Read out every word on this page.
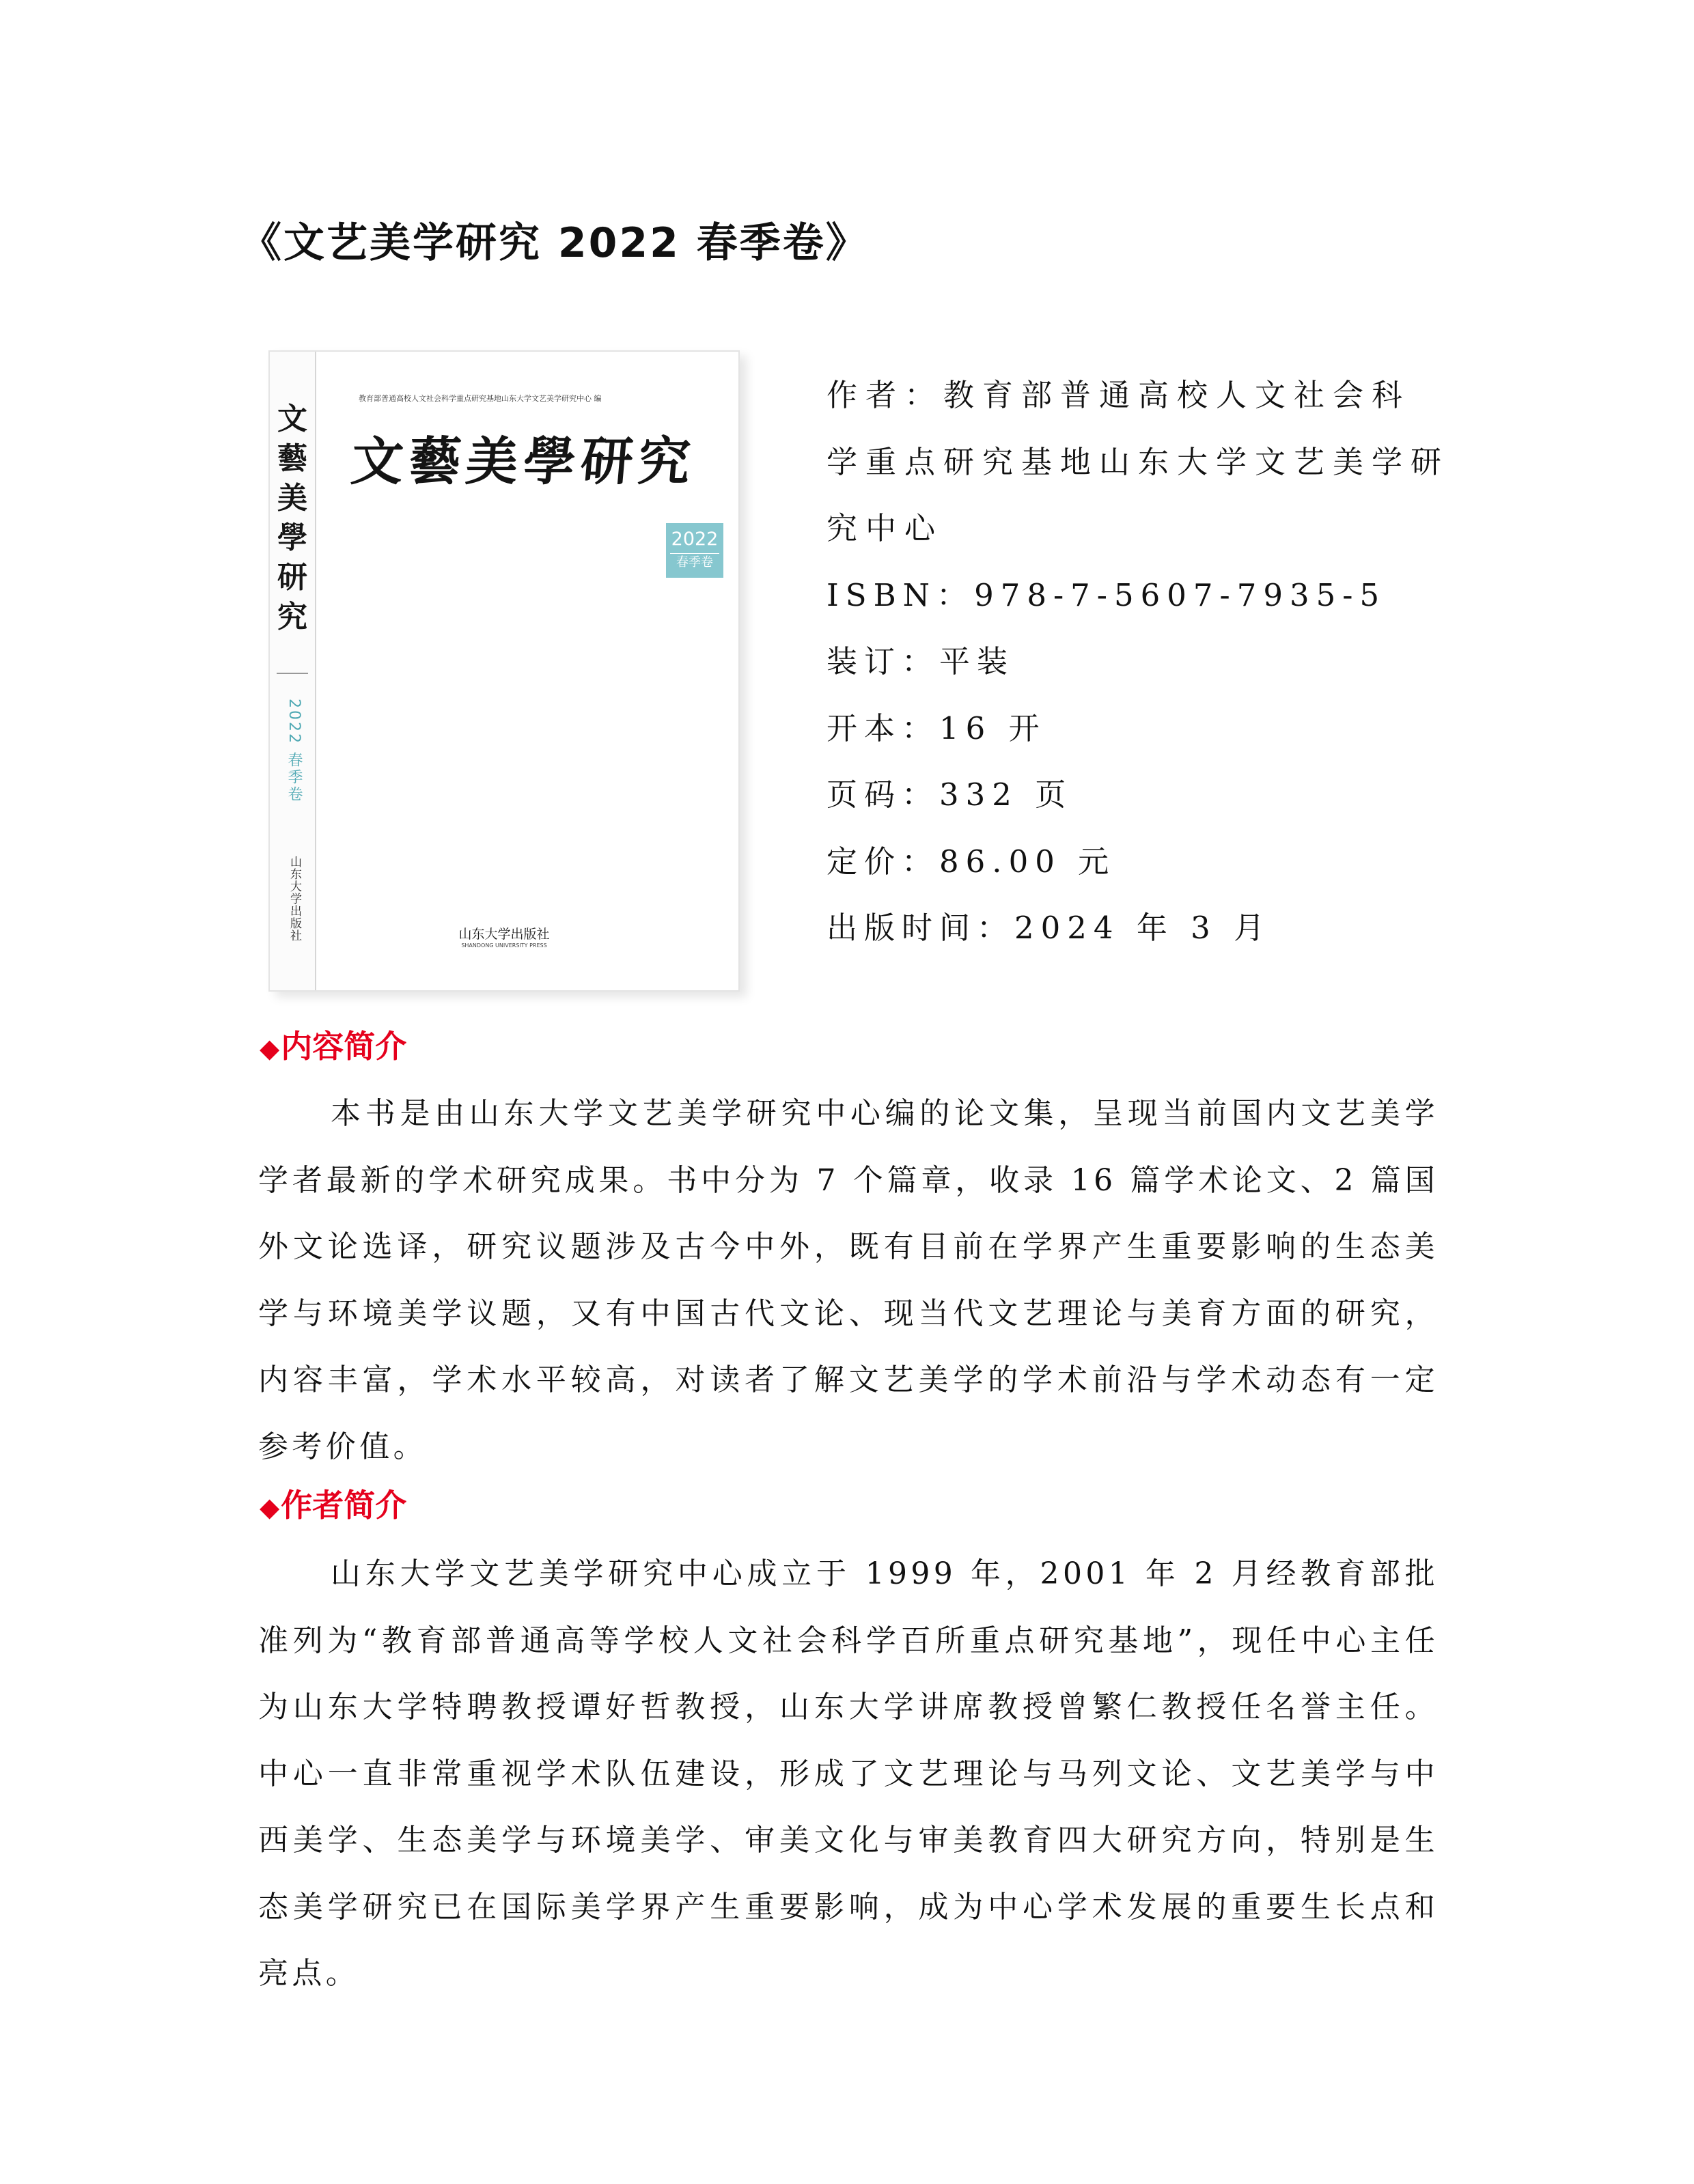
《文艺美学研究 2022 春季卷》
文藝美學研究
2022 春季卷
山东大学出版社
教育部普通高校人文社会科学重点研究基地山东大学文艺美学研究中心 编
文藝美學研究
2022
春季卷
山东大学出版社
SHANDONG UNIVERSITY PRESS
作者：教育部普通高校人文社会科学重点研究基地山东大学文艺美学研究中心
ISBN：978-7-5607-7935-5
装订：平装
开本：16 开
页码：332 页
定价：86.00 元
出版时间：2024 年 3 月
◆内容简介

本书是由山东大学文艺美学研究中心编的论文集，呈现当前国内文艺美学学者最新的学术研究成果。书中分为 7 个篇章，收录 16 篇学术论文、2 篇国外文论选译，研究议题涉及古今中外，既有目前在学界产生重要影响的生态美学与环境美学议题，又有中国古代文论、现当代文艺理论与美育方面的研究，内容丰富，学术水平较高，对读者了解文艺美学的学术前沿与学术动态有一定参考价值。

◆作者简介

山东大学文艺美学研究中心成立于 1999 年，2001 年 2 月经教育部批准列为“教育部普通高等学校人文社会科学百所重点研究基地”，现任中心主任为山东大学特聘教授谭好哲教授，山东大学讲席教授曾繁仁教授任名誉主任。中心一直非常重视学术队伍建设，形成了文艺理论与马列文论、文艺美学与中西美学、生态美学与环境美学、审美文化与审美教育四大研究方向，特别是生态美学研究已在国际美学界产生重要影响，成为中心学术发展的重要生长点和亮点。
